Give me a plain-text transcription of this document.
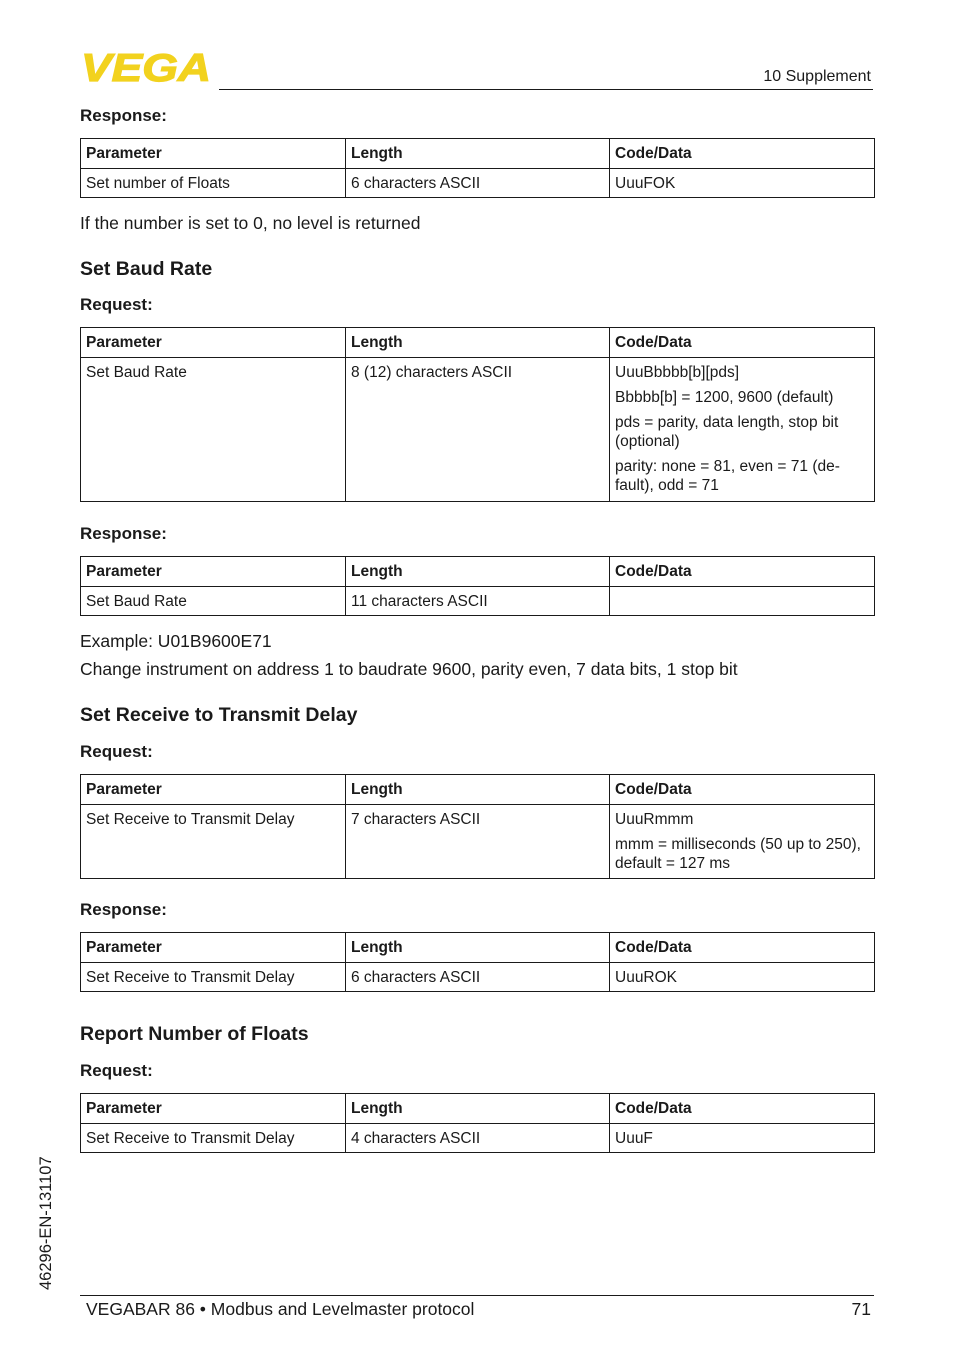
VEGA	10 Supplement
Response:
Parameter	Length	Code/Data
Set number of Floats	6 characters ASCII	UuuFOK
If the number is set to 0, no level is returned
Set Baud Rate
Request:
Parameter	Length	Code/Data
Set Baud Rate	8 (12) characters ASCII	UuuBbbbb[b][pds]

Bbbbb[b] = 1200, 9600 (default)

pds = parity, data length, stop bit (optional)

parity: none = 81, even = 71 (de-fault), odd = 71

Response:
Parameter	Length	Code/Data
Set Baud Rate	11 characters ASCII	
Example: U01B9600E71
Change instrument on address 1 to baudrate 9600, parity even, 7 data bits, 1 stop bit
Set Receive to Transmit Delay
Request:
Parameter	Length	Code/Data
Set Receive to Transmit Delay	7 characters ASCII	UuuRmmm

mmm = milliseconds (50 up to 250), default = 127 ms

Response:
Parameter	Length	Code/Data
Set Receive to Transmit Delay	6 characters ASCII	UuuROK
Report Number of Floats
Request:
Parameter	Length	Code/Data
Set Receive to Transmit Delay	4 characters ASCII	UuuF
46296-EN-131107
VEGABAR 86 • Modbus and Levelmaster protocol	71
